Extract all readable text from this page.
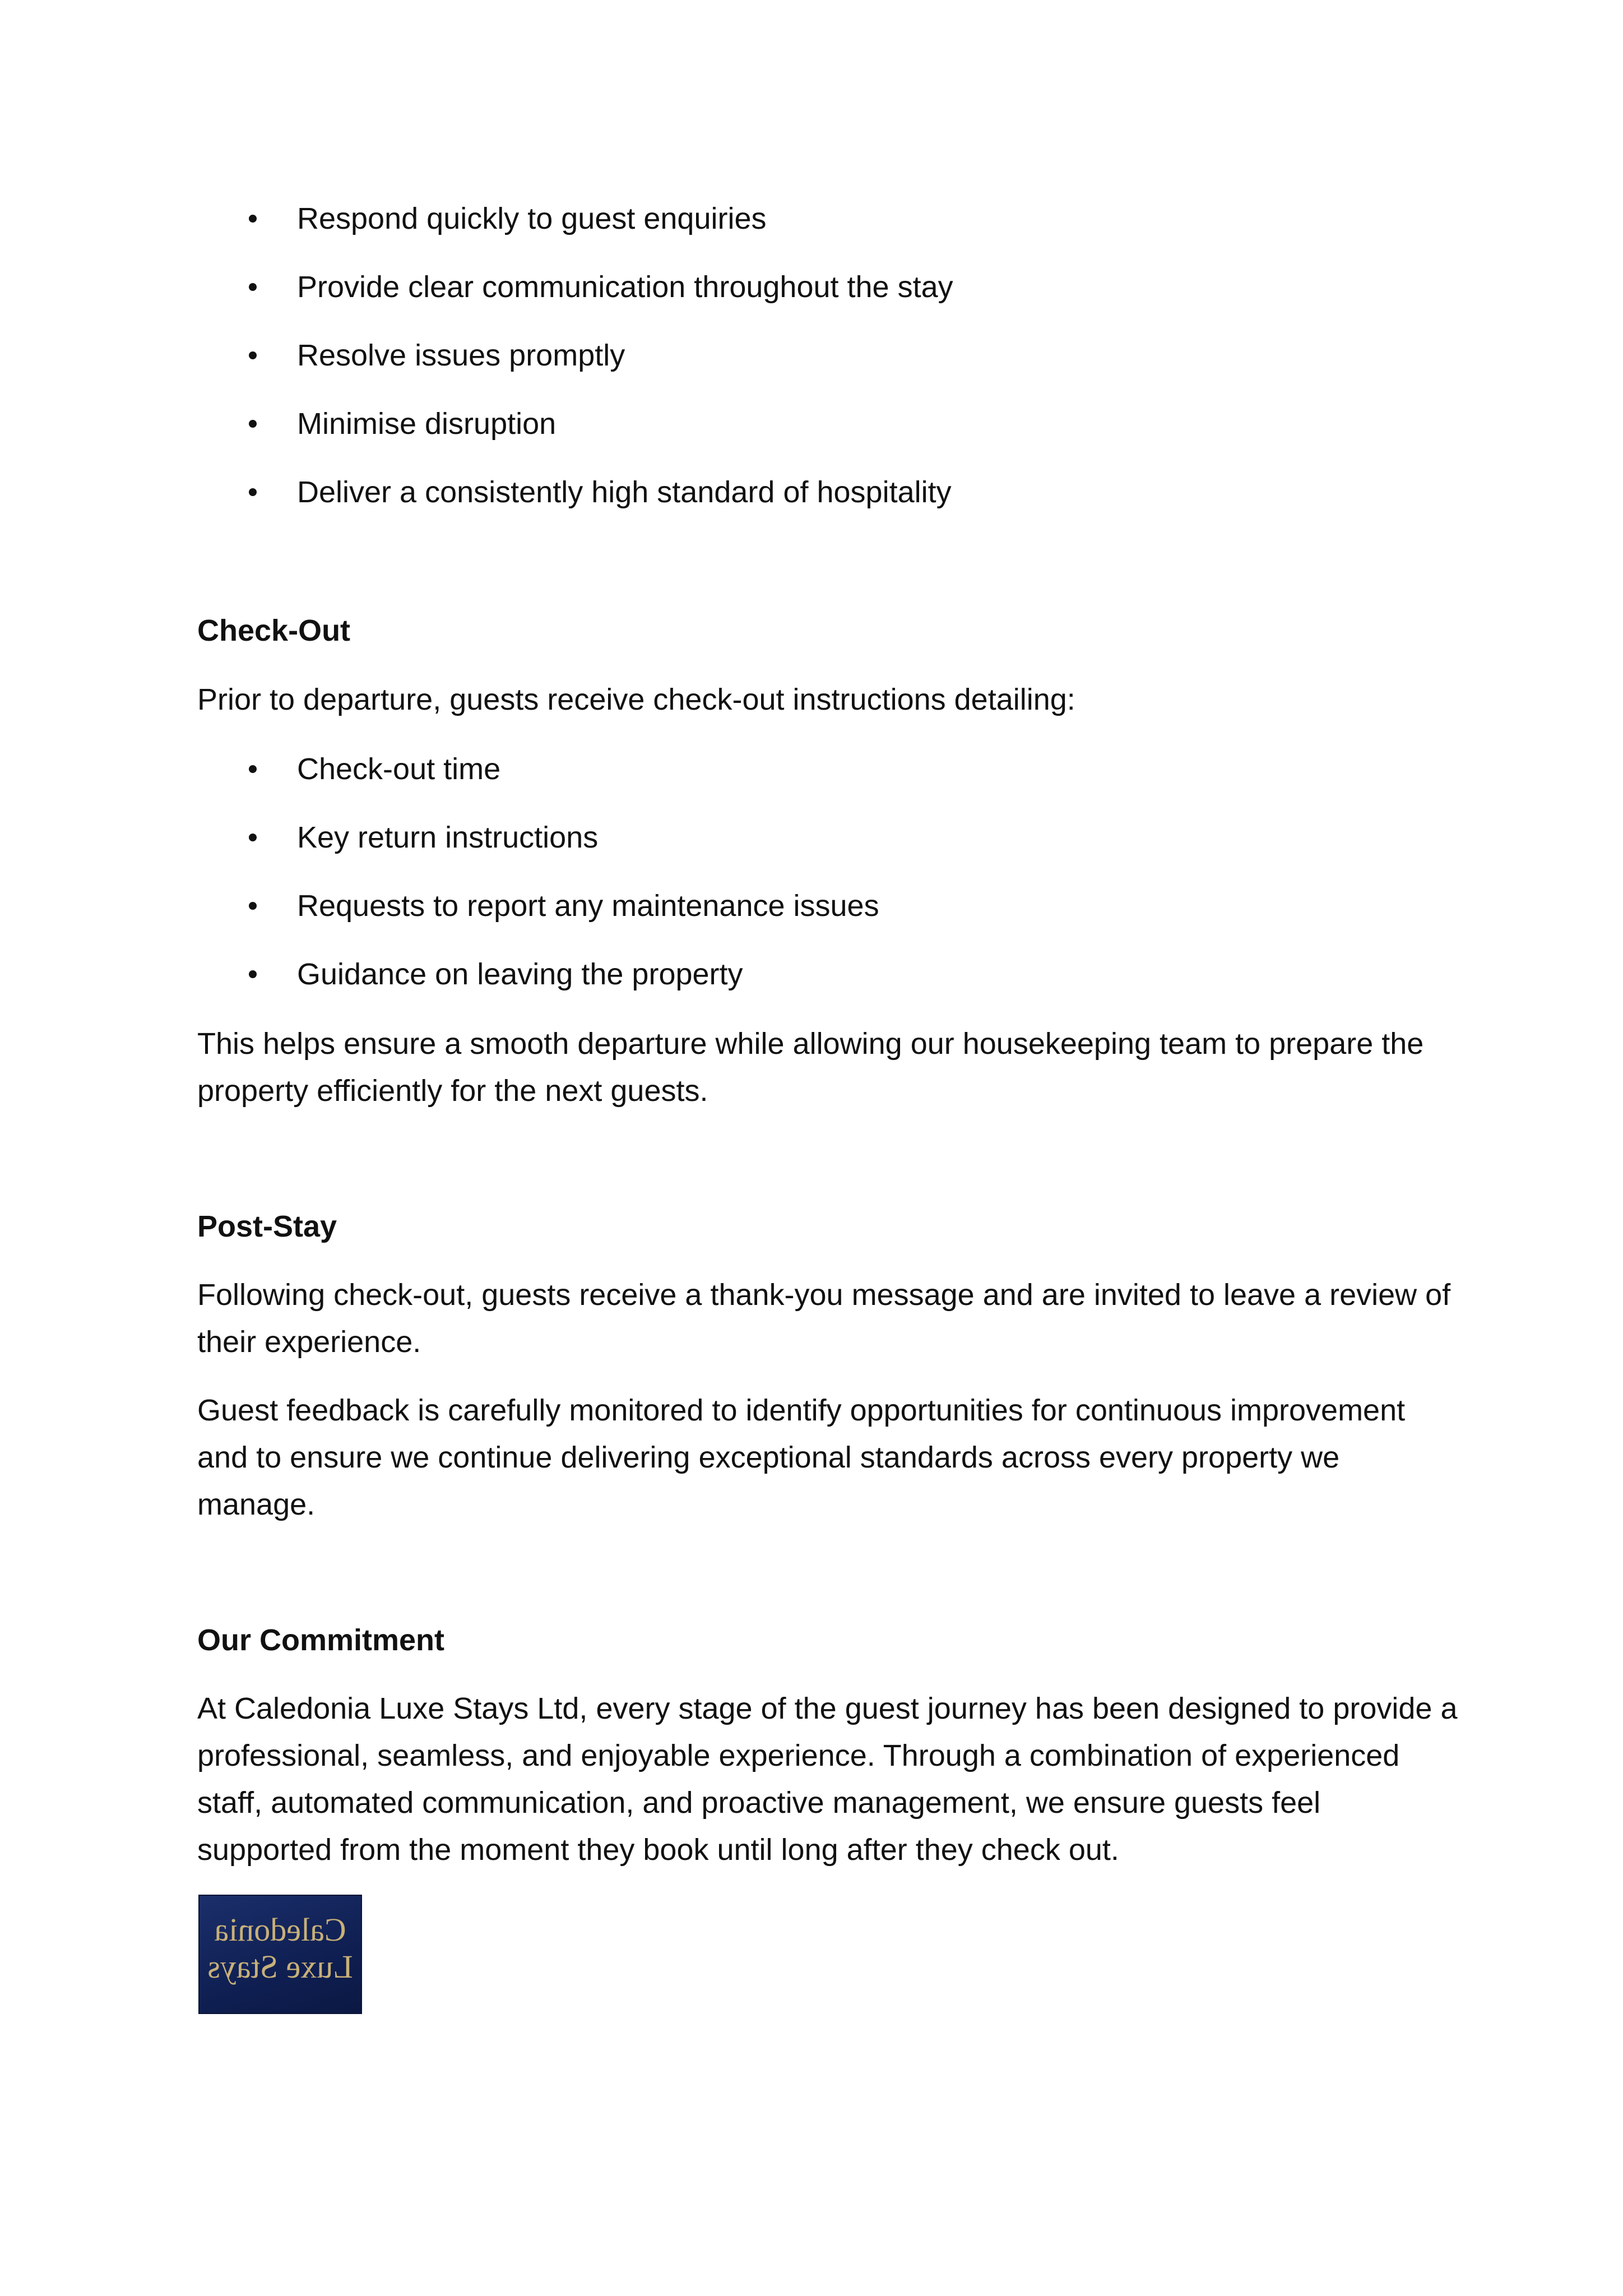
Respond quickly to guest enquiries
Provide clear communication throughout the stay
Resolve issues promptly
Minimise disruption
Deliver a consistently high standard of hospitality
Check-Out

Prior to departure, guests receive check-out instructions detailing:

Check-out time
Key return instructions
Requests to report any maintenance issues
Guidance on leaving the property

This helps ensure a smooth departure while allowing our housekeeping team to prepare the property efficiently for the next guests.

Post-Stay

Following check-out, guests receive a thank-you message and are invited to leave a review of their experience.

Guest feedback is carefully monitored to identify opportunities for continuous improvement and to ensure we continue delivering exceptional standards across every property we manage.

Our Commitment

At Caledonia Luxe Stays Ltd, every stage of the guest journey has been designed to provide a professional, seamless, and enjoyable experience. Through a combination of experienced staff, automated communication, and proactive management, we ensure guests feel supported from the moment they book until long after they check out.

Caledonia
Luxe Stays
